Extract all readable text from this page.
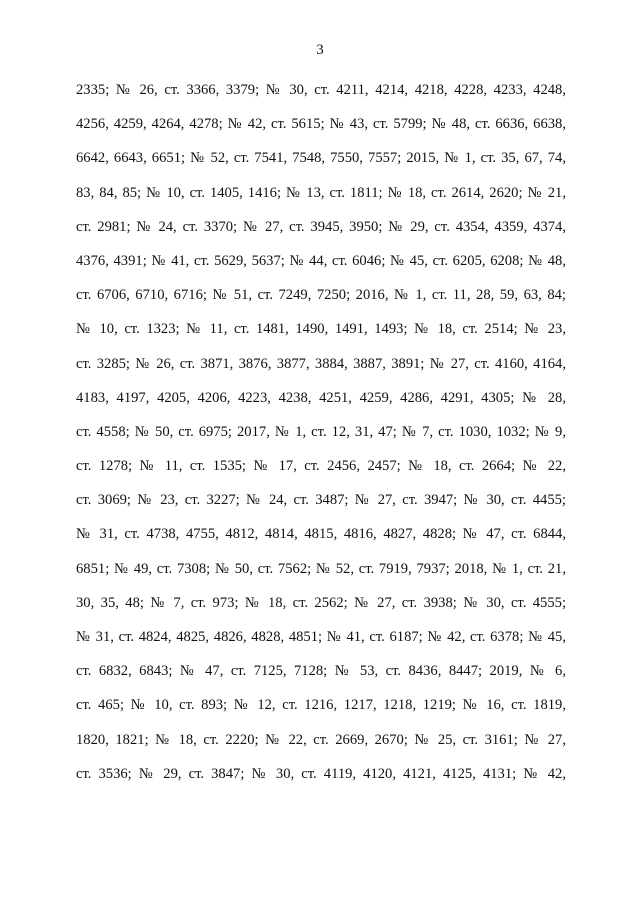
3
2335; № 26, ст. 3366, 3379; № 30, ст. 4211, 4214, 4218, 4228, 4233, 4248,
4256, 4259, 4264, 4278; № 42, ст. 5615; № 43, ст. 5799; № 48, ст. 6636, 6638,
6642, 6643, 6651; № 52, ст. 7541, 7548, 7550, 7557; 2015, № 1, ст. 35, 67, 74,
83, 84, 85; № 10, ст. 1405, 1416; № 13, ст. 1811; № 18, ст. 2614, 2620; № 21,
ст. 2981; № 24, ст. 3370; № 27, ст. 3945, 3950; № 29, ст. 4354, 4359, 4374,
4376, 4391; № 41, ст. 5629, 5637; № 44, ст. 6046; № 45, ст. 6205, 6208; № 48,
ст. 6706, 6710, 6716; № 51, ст. 7249, 7250; 2016, № 1, ст. 11, 28, 59, 63, 84;
№ 10, ст. 1323; № 11, ст. 1481, 1490, 1491, 1493; № 18, ст. 2514; № 23,
ст. 3285; № 26, ст. 3871, 3876, 3877, 3884, 3887, 3891; № 27, ст. 4160, 4164,
4183, 4197, 4205, 4206, 4223, 4238, 4251, 4259, 4286, 4291, 4305; № 28,
ст. 4558; № 50, ст. 6975; 2017, № 1, ст. 12, 31, 47; № 7, ст. 1030, 1032; № 9,
ст. 1278; № 11, ст. 1535; № 17, ст. 2456, 2457; № 18, ст. 2664; № 22,
ст. 3069; № 23, ст. 3227; № 24, ст. 3487; № 27, ст. 3947; № 30, ст. 4455;
№ 31, ст. 4738, 4755, 4812, 4814, 4815, 4816, 4827, 4828; № 47, ст. 6844,
6851; № 49, ст. 7308; № 50, ст. 7562; № 52, ст. 7919, 7937; 2018, № 1, ст. 21,
30, 35, 48; № 7, ст. 973; № 18, ст. 2562; № 27, ст. 3938; № 30, ст. 4555;
№ 31, ст. 4824, 4825, 4826, 4828, 4851; № 41, ст. 6187; № 42, ст. 6378; № 45,
ст. 6832, 6843; № 47, ст. 7125, 7128; № 53, ст. 8436, 8447; 2019, № 6,
ст. 465; № 10, ст. 893; № 12, ст. 1216, 1217, 1218, 1219; № 16, ст. 1819,
1820, 1821; № 18, ст. 2220; № 22, ст. 2669, 2670; № 25, ст. 3161; № 27,
ст. 3536; № 29, ст. 3847; № 30, ст. 4119, 4120, 4121, 4125, 4131; № 42,
